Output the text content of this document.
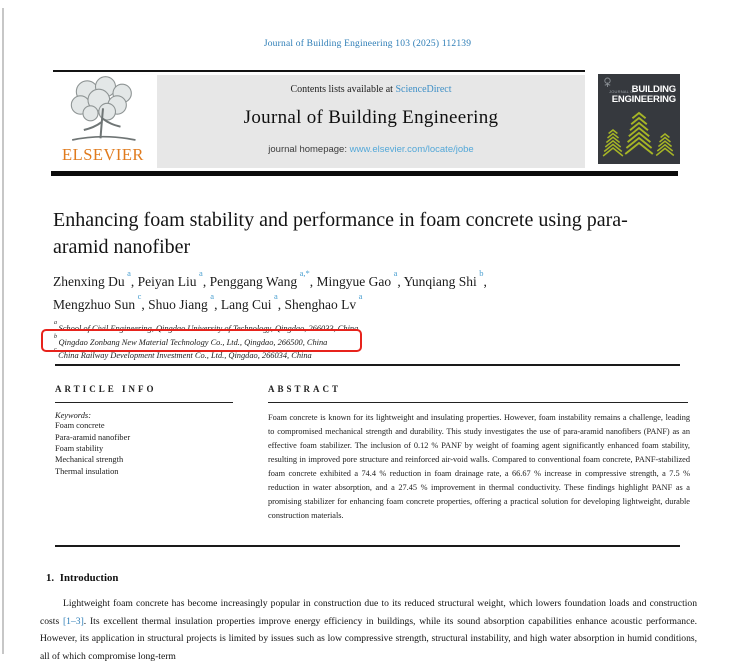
Journal of Building Engineering 103 (2025) 112139
ELSEVIER
Contents lists available at ScienceDirect
Journal of Building Engineering
journal homepage: www.elsevier.com/locate/jobe
JOURNAL OF
BUILDING
ENGINEERING
Enhancing foam stability and performance in foam concrete using para-aramid nanofiber
Zhenxing Du$^a$, Peiyan Liu$^a$, Penggang Wang$^{a,*}$, Mingyue Gao$^a$, Yunqiang Shi$^b$,
Mengzhuo Sun$^c$, Shuo Jiang$^a$, Lang Cui$^a$, Shenghao Lv$^a$
$^a$School of Civil Engineering, Qingdao University of Technology, Qingdao, 266033, China
$^b$Qingdao Zonbang New Material Technology Co., Ltd., Qingdao, 266500, China
$^c$China Railway Development Investment Co., Ltd., Qingdao, 266034, China
ARTICLE INFO
Keywords:
Foam concrete
Para-aramid nanofiber
Foam stability
Mechanical strength
Thermal insulation
ABSTRACT
Foam concrete is known for its lightweight and insulating properties. However, foam instability remains a challenge, leading to compromised mechanical strength and durability. This study investigates the use of para-aramid nanofibers (PANF) as an effective foam stabilizer. The inclusion of 0.12 % PANF by weight of foaming agent significantly enhanced foam stability, resulting in improved pore structure and reinforced air-void walls. Compared to conventional foam concrete, PANF-stabilized foam concrete exhibited a 74.4 % reduction in foam drainage rate, a 66.67 % increase in compressive strength, a 7.5 % reduction in water absorption, and a 27.45 % improvement in thermal conductivity. These findings highlight PANF as a promising stabilizer for enhancing foam concrete properties, offering a practical solution for developing lightweight, durable construction materials.
1. Introduction
Lightweight foam concrete has become increasingly popular in construction due to its reduced structural weight, which lowers foundation loads and construction costs [1–3]. Its excellent thermal insulation properties improve energy efficiency in buildings, while its sound absorption capabilities enhance acoustic performance. However, its application in structural projects is limited by issues such as low compressive strength, structural instability, and high water absorption in humid conditions, all of which compromise long-term
